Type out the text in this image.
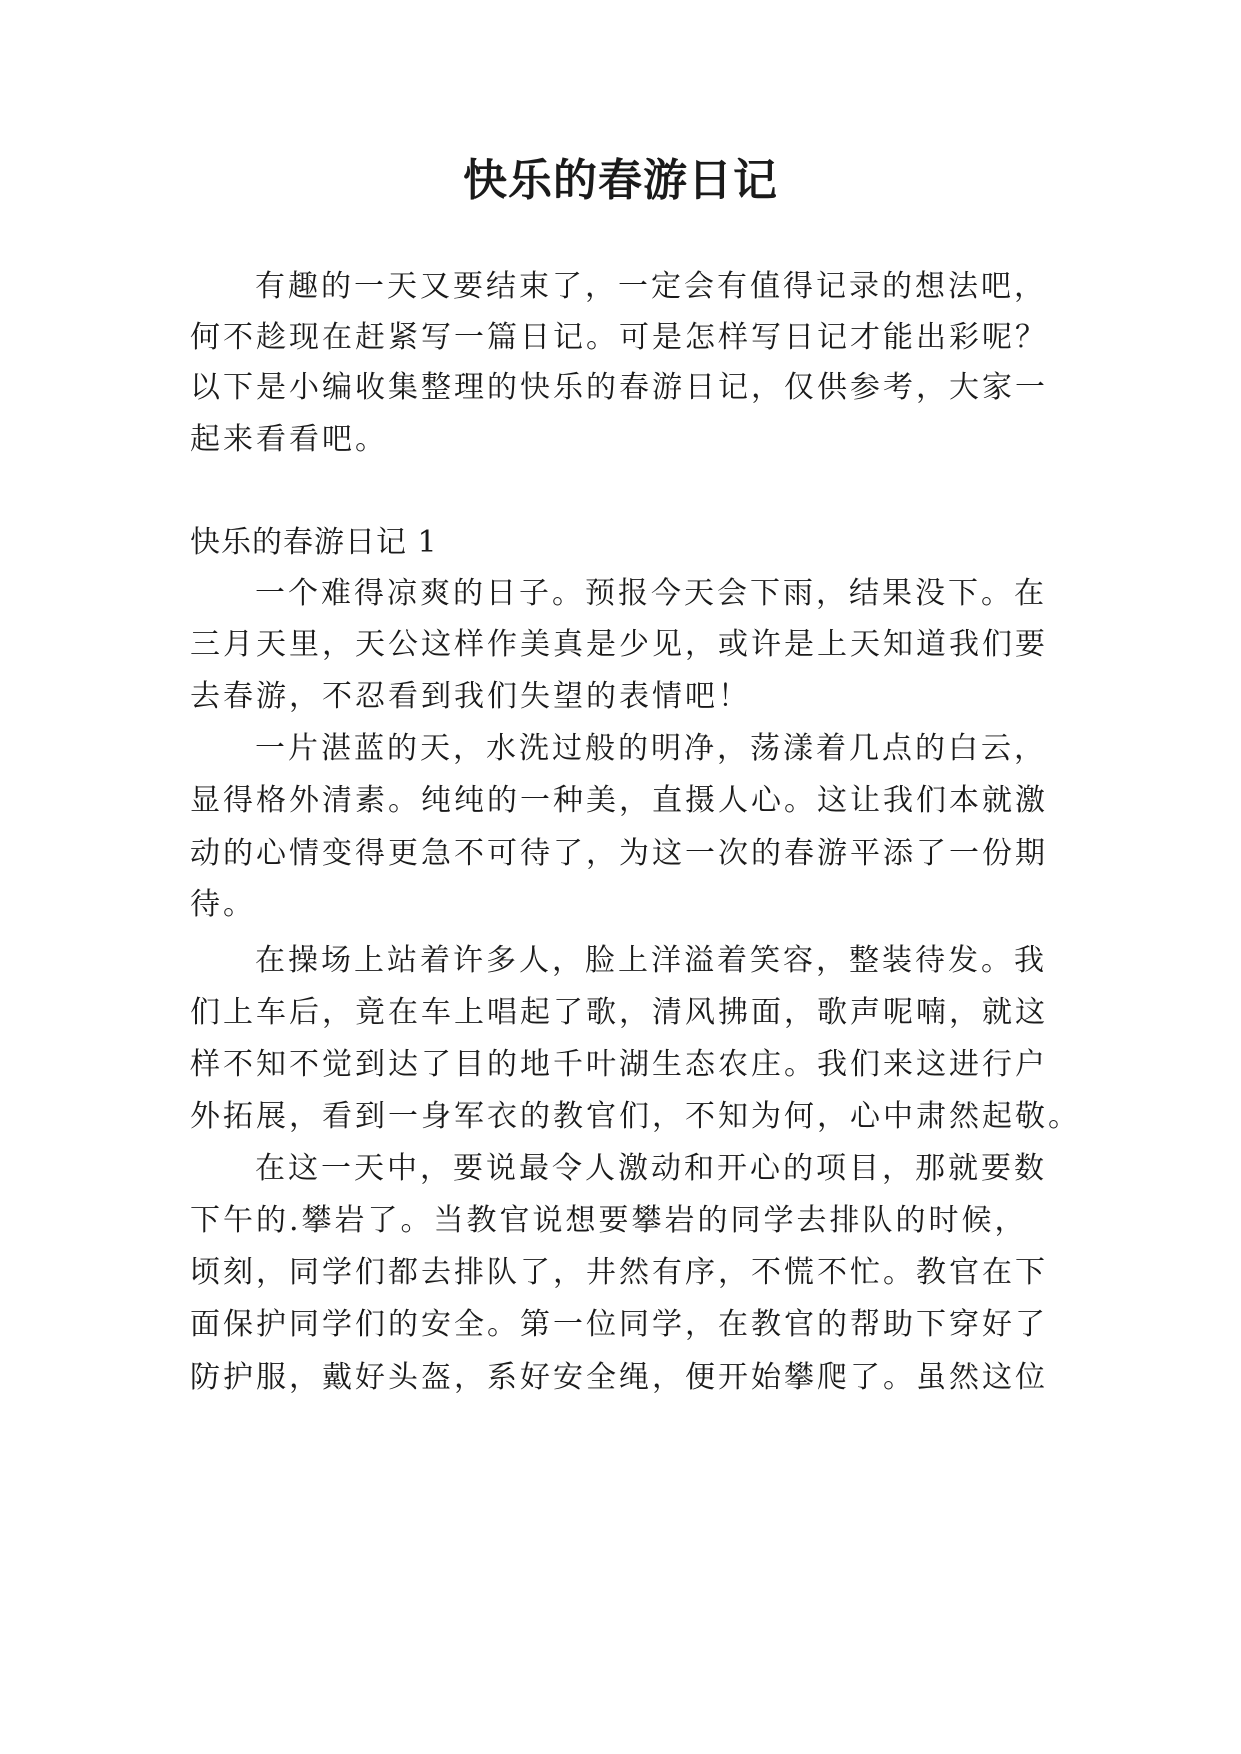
快乐的春游日记
有趣的一天又要结束了，一定会有值得记录的想法吧，
何不趁现在赶紧写一篇日记。可是怎样写日记才能出彩呢？
以下是小编收集整理的快乐的春游日记，仅供参考，大家一
起来看看吧。
快乐的春游日记 1
一个难得凉爽的日子。预报今天会下雨，结果没下。在
三月天里，天公这样作美真是少见，或许是上天知道我们要
去春游，不忍看到我们失望的表情吧！
一片湛蓝的天，水洗过般的明净，荡漾着几点的白云，
显得格外清素。纯纯的一种美，直摄人心。这让我们本就激
动的心情变得更急不可待了，为这一次的春游平添了一份期
待。
在操场上站着许多人，脸上洋溢着笑容，整装待发。我
们上车后，竟在车上唱起了歌，清风拂面，歌声呢喃，就这
样不知不觉到达了目的地千叶湖生态农庄。我们来这进行户
外拓展，看到一身军衣的教官们，不知为何，心中肃然起敬。
在这一天中，要说最令人激动和开心的项目，那就要数
下午的.攀岩了。当教官说想要攀岩的同学去排队的时候，
顷刻，同学们都去排队了，井然有序，不慌不忙。教官在下
面保护同学们的安全。第一位同学，在教官的帮助下穿好了
防护服，戴好头盔，系好安全绳，便开始攀爬了。虽然这位
